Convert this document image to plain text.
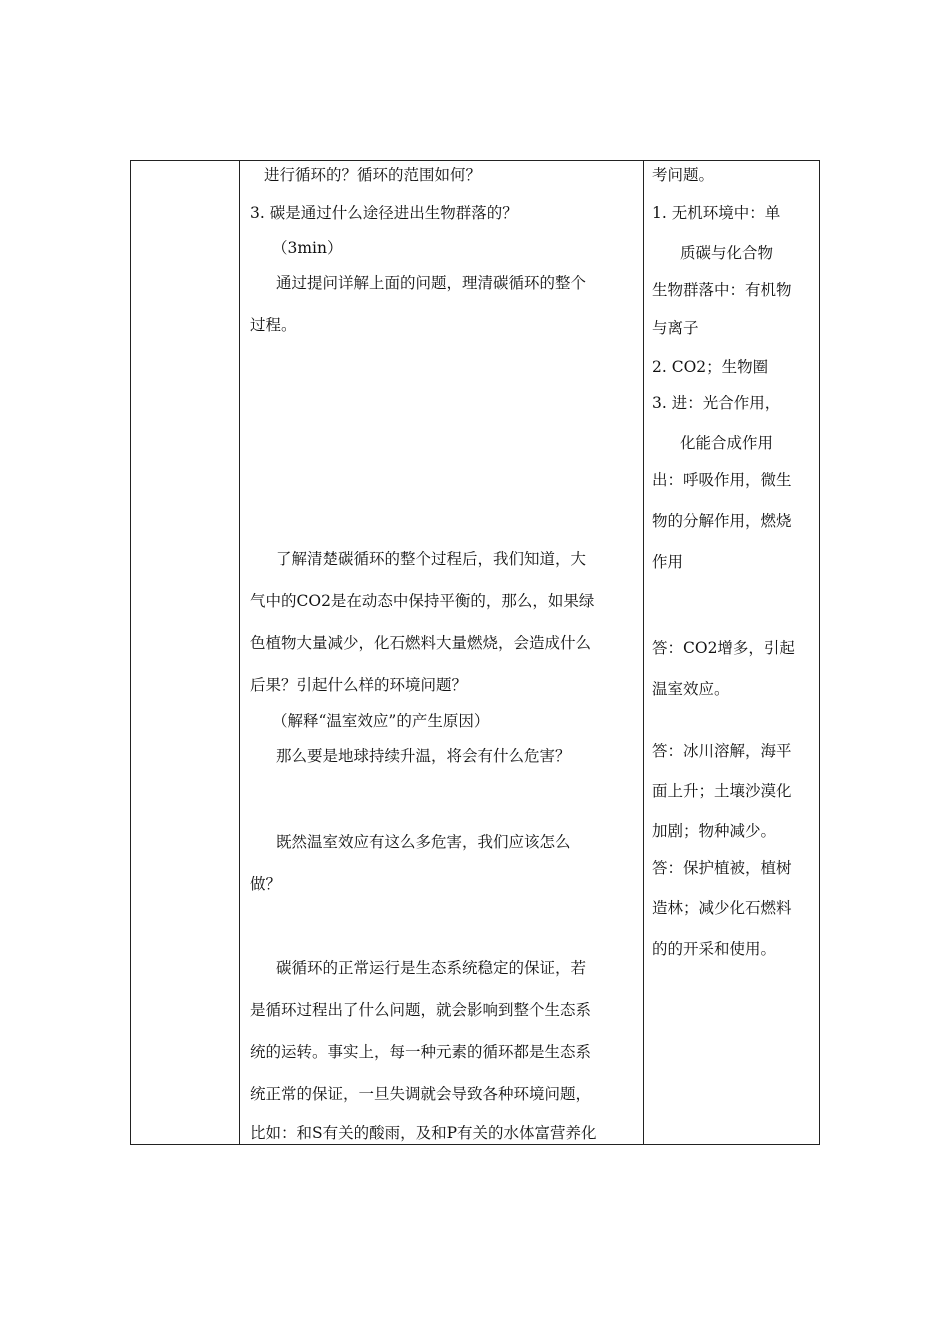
进行循环的？循环的范围如何？
3. 碳是通过什么途径进出生物群落的？
（3min）
通过提问详解上面的问题，理清碳循环的整个
过程。
了解清楚碳循环的整个过程后，我们知道，大
气中的CO2是在动态中保持平衡的，那么，如果绿
色植物大量减少，化石燃料大量燃烧，会造成什么
后果？引起什么样的环境问题？
（解释“温室效应”的产生原因）
那么要是地球持续升温，将会有什么危害？
既然温室效应有这么多危害，我们应该怎么
做？
碳循环的正常运行是生态系统稳定的保证，若
是循环过程出了什么问题，就会影响到整个生态系
统的运转。事实上，每一种元素的循环都是生态系
统正常的保证，一旦失调就会导致各种环境问题，
比如：和S有关的酸雨，及和P有关的水体富营养化
考问题。
1. 无机环境中：单
质碳与化合物
生物群落中：有机物
与离子
2. CO2；生物圈
3. 进：光合作用，
化能合成作用
出：呼吸作用，微生
物的分解作用，燃烧
作用
答：CO2增多，引起
温室效应。
答：冰川溶解，海平
面上升；土壤沙漠化
加剧；物种减少。
答：保护植被，植树
造林；减少化石燃料
的的开采和使用。
